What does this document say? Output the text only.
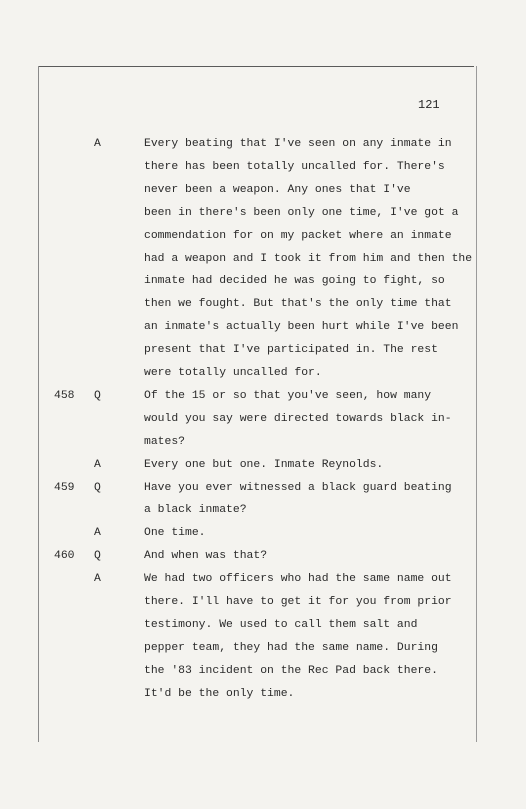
121
A	Every beating that I've seen on any inmate in
there has been totally uncalled for. There's
never been a weapon. Any ones that I've
been in there's been only one time, I've got a
commendation for on my packet where an inmate
had a weapon and I took it from him and then the
inmate had decided he was going to fight, so
then we fought. But that's the only time that
an inmate's actually been hurt while I've been
present that I've participated in. The rest
were totally uncalled for.
458 Q	Of the 15 or so that you've seen, how many
would you say were directed towards black in-
mates?
A	Every one but one. Inmate Reynolds.
459 Q	Have you ever witnessed a black guard beating
a black inmate?
A	One time.
460 Q	And when was that?
A	We had two officers who had the same name out
there. I'll have to get it for you from prior
testimony. We used to call them salt and
pepper team, they had the same name. During
the '83 incident on the Rec Pad back there.
It'd be the only time.
